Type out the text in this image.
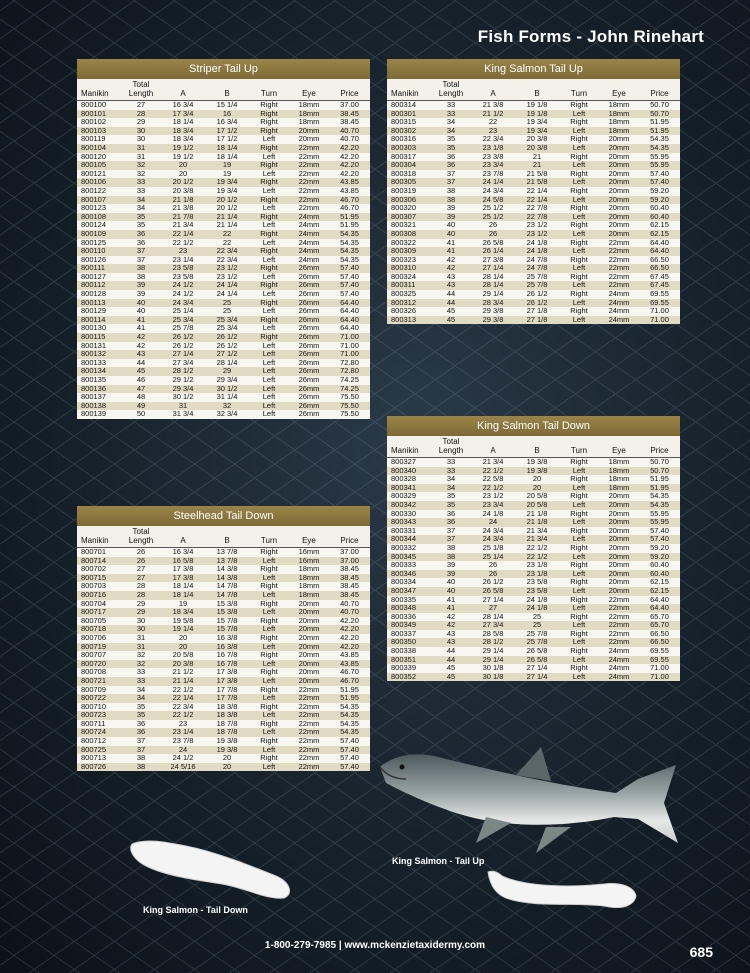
Fish Forms - John Rinehart
Striper Tail Up
Manikin	Total
Length	A	B	Turn	Eye	Price
800100	27	16 3/4	15 1/4	Right	18mm	37.00
800101	28	17 3/4	16	Right	18mm	38.45
800102	29	18 1/4	16 3/4	Right	18mm	38.45
800103	30	18 3/4	17 1/2	Right	20mm	40.70
800119	30	18 3/4	17 1/2	Left	20mm	40.70
800104	31	19 1/2	18 1/4	Right	22mm	42.20
800120	31	19 1/2	18 1/4	Left	22mm	42.20
800105	32	20	19	Right	22mm	42.20
800121	32	20	19	Left	22mm	42.20
800106	33	20 1/2	19 3/4	Right	22mm	43.85
800122	33	20 3/8	19 3/4	Left	22mm	43.85
800107	34	21 1/8	20 1/2	Right	22mm	46.70
800123	34	21 3/8	20 1/2	Left	22mm	46.70
800108	35	21 7/8	21 1/4	Right	24mm	51.95
800124	35	21 3/4	21 1/4	Left	24mm	51.95
800109	36	22 1/4	22	Right	24mm	54.35
800125	36	22 1/2	22	Left	24mm	54.35
800110	37	23	22 3/4	Right	24mm	54.35
800126	37	23 1/4	22 3/4	Left	24mm	54.35
800111	38	23 5/8	23 1/2	Right	26mm	57.40
800127	38	23 5/8	23 1/2	Left	26mm	57.40
800112	39	24 1/2	24 1/4	Right	26mm	57.40
800128	39	24 1/2	24 1/4	Left	26mm	57.40
800113	40	24 3/4	25	Right	26mm	64.40
800129	40	25 1/4	25	Left	26mm	64.40
800114	41	25 3/4	25 3/4	Right	26mm	64.40
800130	41	25 7/8	25 3/4	Left	26mm	64.40
800115	42	26 1/2	26 1/2	Right	26mm	71.00
800131	42	26 1/2	26 1/2	Left	26mm	71.00
800132	43	27 1/4	27 1/2	Left	26mm	71.00
800133	44	27 3/4	28 1/4	Left	26mm	72.80
800134	45	28 1/2	29	Left	26mm	72.80
800135	46	29 1/2	29 3/4	Left	26mm	74.25
800136	47	29 3/4	30 1/2	Left	26mm	74.25
800137	48	30 1/2	31 1/4	Left	26mm	75.50
800138	49	31	32	Left	26mm	75.50
800139	50	31 3/4	32 3/4	Left	26mm	75.50
Steelhead Tail Down
Manikin	Total
Length	A	B	Turn	Eye	Price
800701	26	16 3/4	13 7/8	Right	16mm	37.00
800714	26	16 5/8	13 7/8	Left	16mm	37.00
800702	27	17 3/8	14 3/8	Right	18mm	38.45
800715	27	17 3/8	14 3/8	Left	18mm	38.45
800703	28	18 1/4	14 7/8	Right	18mm	38.45
800716	28	18 1/4	14 7/8	Left	18mm	38.45
800704	29	19	15 3/8	Right	20mm	40.70
800717	29	18 3/4	15 3/8	Left	20mm	40.70
800705	30	19 5/8	15 7/8	Right	20mm	42.20
800718	30	19 1/4	15 7/8	Left	20mm	42.20
800706	31	20	16 3/8	Right	20mm	42.20
800719	31	20	16 3/8	Left	20mm	42.20
800707	32	20 5/8	16 7/8	Right	20mm	43.85
800720	32	20 3/8	16 7/8	Left	20mm	43.85
800708	33	21 1/2	17 3/8	Right	20mm	46.70
800721	33	21 1/4	17 3/8	Left	20mm	46.70
800709	34	22 1/2	17 7/8	Right	22mm	51.95
800722	34	22 1/4	17 7/8	Left	22mm	51.95
800710	35	22 3/4	18 3/8	Right	22mm	54.35
800723	35	22 1/2	18 3/8	Left	22mm	54.35
800711	36	23	18 7/8	Right	22mm	54.35
800724	36	23 1/4	18 7/8	Left	22mm	54.35
800712	37	23 7/8	19 3/8	Right	22mm	57.40
800725	37	24	19 3/8	Left	22mm	57.40
800713	38	24 1/2	20	Right	22mm	57.40
800726	38	24 5/16	20	Left	22mm	57.40
King Salmon Tail Up
Manikin	Total
Length	A	B	Turn	Eye	Price
800314	33	21 3/8	19 1/8	Right	18mm	50.70
800301	33	21 1/2	19 1/8	Left	18mm	50.70
800315	34	22	19 3/4	Right	18mm	51.95
800302	34	23	19 3/4	Left	18mm	51.95
800316	35	22 3/4	20 3/8	Right	20mm	54.35
800303	35	23 1/8	20 3/8	Left	20mm	54.35
800317	36	23 3/8	21	Right	20mm	55.95
800304	36	23 3/4	21	Left	20mm	55.95
800318	37	23 7/8	21 5/8	Right	20mm	57.40
800305	37	24 1/4	21 5/8	Left	20mm	57.40
800319	38	24 3/4	22 1/4	Right	20mm	59.20
800306	38	24 5/8	22 1/4	Left	20mm	59.20
800320	39	25 1/2	22 7/8	Right	20mm	60.40
800307	39	25 1/2	22 7/8	Left	20mm	60.40
800321	40	26	23 1/2	Right	20mm	62.15
800308	40	26	23 1/2	Left	20mm	62.15
800322	41	26 5/8	24 1/8	Right	22mm	64.40
800309	41	26 1/4	24 1/8	Left	22mm	64.40
800323	42	27 3/8	24 7/8	Right	22mm	66.50
800310	42	27 1/4	24 7/8	Left	22mm	66.50
800324	43	28 1/4	25 7/8	Right	22mm	67.45
800311	43	28 1/4	25 7/8	Left	22mm	67.45
800325	44	29 1/4	26 1/2	Right	24mm	69.55
800312	44	28 3/4	26 1/2	Left	24mm	69.55
800326	45	29 3/8	27 1/8	Right	24mm	71.00
800313	45	29 3/8	27 1/8	Left	24mm	71.00
King Salmon Tail Down
Manikin	Total
Length	A	B	Turn	Eye	Price
800327	33	21 3/4	19 3/8	Right	18mm	50.70
800340	33	22 1/2	19 3/8	Left	18mm	50.70
800328	34	22 5/8	20	Right	18mm	51.95
800341	34	22 1/2	20	Left	18mm	51.95
800329	35	23 1/2	20 5/8	Right	20mm	54.35
800342	35	23 3/4	20 5/8	Left	20mm	54.35
800330	36	24 1/8	21 1/8	Right	20mm	55.95
800343	36	24	21 1/8	Left	20mm	55.95
800331	37	24 3/4	21 3/4	Right	20mm	57.40
800344	37	24 3/4	21 3/4	Left	20mm	57.40
800332	38	25 1/8	22 1/2	Right	20mm	59.20
800345	38	25 1/4	22 1/2	Left	20mm	59.20
800333	39	26	23 1/8	Right	20mm	60.40
800346	39	26	23 1/8	Left	20mm	60.40
800334	40	26 1/2	23 5/8	Right	20mm	62.15
800347	40	26 5/8	23 5/8	Left	20mm	62.15
800335	41	27 1/4	24 1/8	Right	22mm	64.40
800348	41	27	24 1/8	Left	22mm	64.40
800336	42	28 1/4	25	Right	22mm	65.70
800349	42	27 3/4	25	Left	22mm	65.70
800337	43	28 5/8	25 7/8	Right	22mm	66.50
800350	43	28 1/2	25 7/8	Left	22mm	66.50
800338	44	29 1/4	26 5/8	Right	24mm	69.55
800351	44	29 1/4	26 5/8	Left	24mm	69.55
800339	45	30 1/8	27 1/4	Right	24mm	71.00
800352	45	30 1/8	27 1/4	Left	24mm	71.00
King Salmon - Tail Up
King Salmon - Tail Down
1-800-279-7985 | www.mckenzietaxidermy.com	685
